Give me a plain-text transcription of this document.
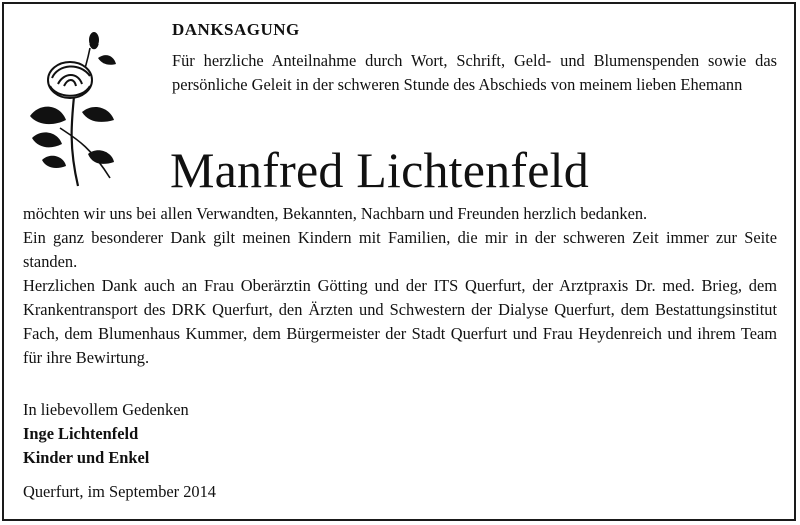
DANKSAGUNG

Für herzliche Anteilnahme durch Wort, Schrift, Geld- und Blumenspenden sowie das persönliche Geleit in der schweren Stunde des Abschieds von meinem lieben Ehemann

Manfred Lichtenfeld

möchten wir uns bei allen Verwandten, Bekannten, Nachbarn und Freunden herzlich bedanken.

Ein ganz besonderer Dank gilt meinen Kindern mit Familien, die mir in der schweren Zeit immer zur Seite standen.

Herzlichen Dank auch an Frau Oberärztin Götting und der ITS Querfurt, der Arztpraxis Dr. med. Brieg, dem Krankentransport des DRK Querfurt, den Ärzten und Schwestern der Dialyse Querfurt, dem Bestattungsinstitut Fach, dem Blumenhaus Kummer, dem Bürgermeister der Stadt Querfurt und Frau Heydenreich und ihrem Team für ihre Bewirtung.

In liebevollem Gedenken
Inge Lichtenfeld
Kinder und Enkel
Querfurt, im September 2014
